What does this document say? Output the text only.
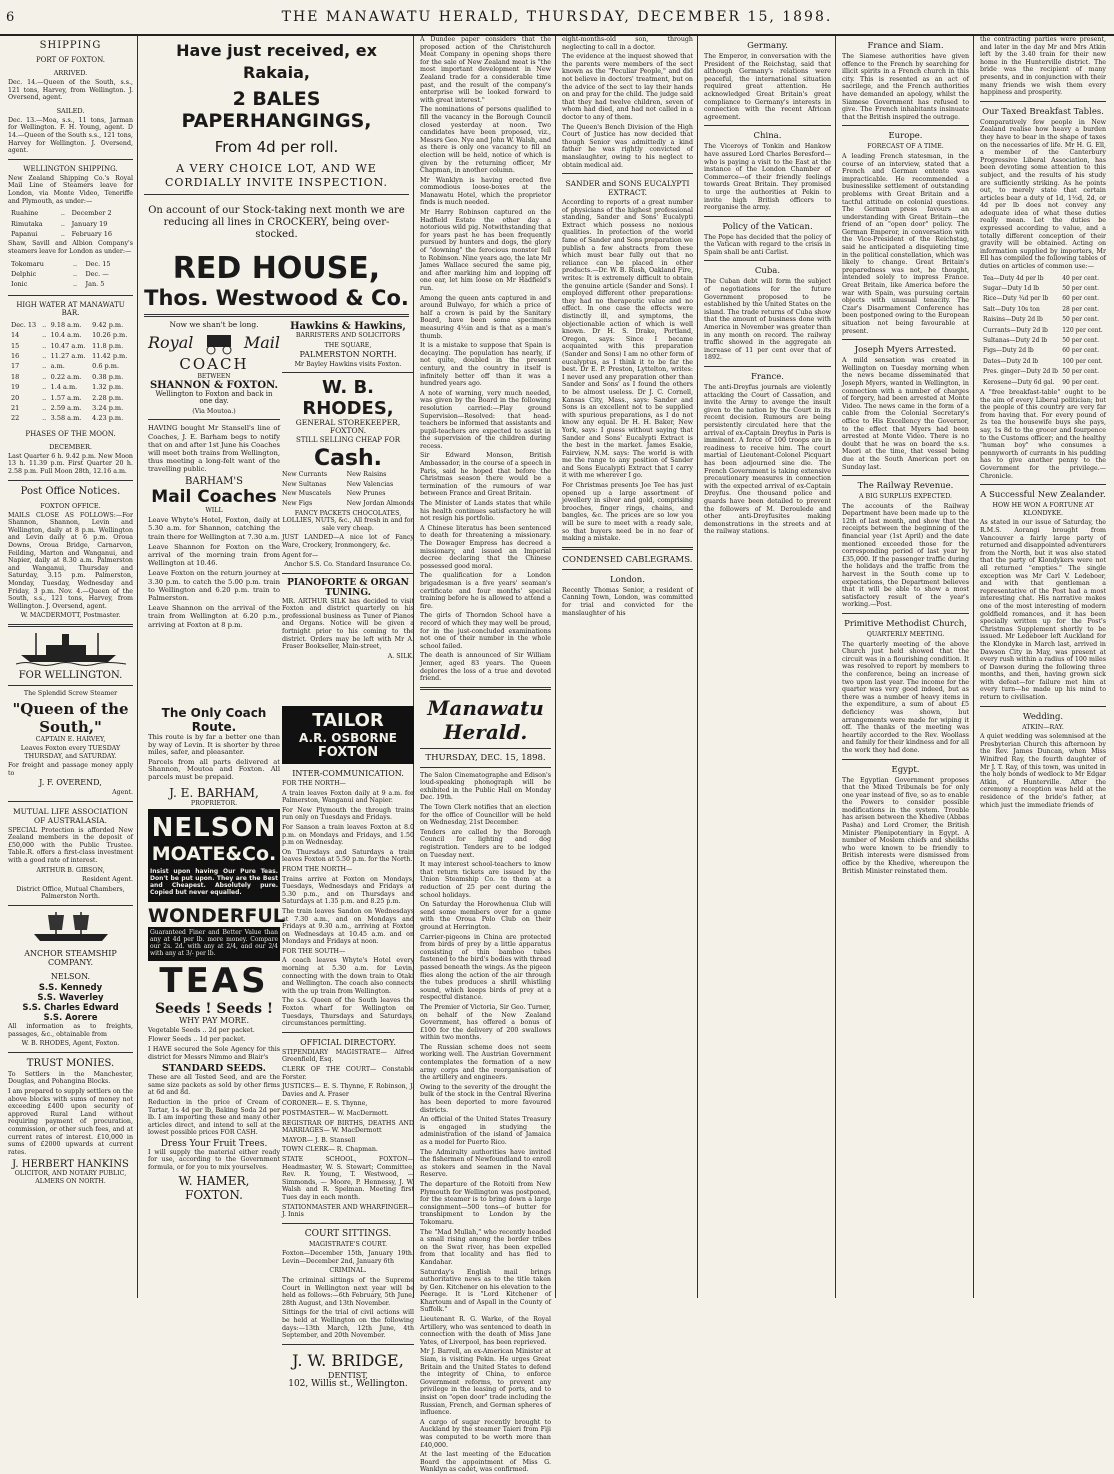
6	THE MANAWATU HERALD, THURSDAY, DECEMBER 15, 1898.
SHIPPING
PORT OF FOXTON.
ARRIVED.

Dec. 14.—Queen of the South, s.s., 121 tons, Harvey, from Wellington. J. Oversend, agent.

SAILED.

Dec. 13.—Moa, s.s., 11 tons, Jarman for Wellington. F. H. Young, agent. D 14.—Queen of the South s.s., 121 tons, Harvey for Wellington. J. Oversend, agent.

WELLINGTON SHIPPING.

New Zealand Shipping Co.'s Royal Mail Line of Steamers leave for London, via Monte Video, Teneriffe and Plymouth, as under:—

Ruahine	..	December 2
Rimutaka	..	January 19
Papanui	..	February 16

Shaw, Savill and Albion Company's steamers leave for London as under:—

Tokomaru	..	Dec. 15
Delphic	..	Dec. —
Ionic	..	Jan. 5
HIGH WATER AT MANAWATU BAR.
Dec. 13	..	9.18 a.m.	9.42 p.m.
14	..	10.4 a.m.	10.26 p.m.
15	..	10.47 a.m.	11.8 p.m.
16	..	11.27 a.m.	11.42 p.m.
17	..	a.m.	0.6 p.m.
18	..	0.22 a.m.	0.38 p.m.
19	..	1.4 a.m.	1.32 p.m.
20	..	1.57 a.m.	2.28 p.m.
21	..	2.59 a.m.	3.24 p.m.
22	..	3.58 a.m.	4.23 p.m.
PHASES OF THE MOON.
DECEMBER.

Last Quarter 6 h. 9.42 p.m. New Moon 13 h. 11.39 p.m. First Quarter 20 h. 2.58 p.m. Full Moon 28th, 12.16 a.m.

Post Office Notices.
FOXTON OFFICE.

MAILS CLOSE AS FOLLOWS:—For Shannon, Shannon, Levin and Wellington, daily at 8 p.m. Wellington and Levin daily at 6 p.m. Oroua Downs, Oroua Bridge, Carnarvon, Feilding, Marton and Wanganui, and Napier, daily at 8.30 a.m. Palmerston and Wanganui, Thursday and Saturday, 3.15 p.m. Palmerston, Monday, Tuesday, Wednesday and Friday, 3 p.m. Nov. 4.—Queen of the South, s.s., 121 tons, Harvey, from Wellington. J. Oversend, agent.

W. MACDERMOTT, Postmaster.

FOR WELLINGTON.

The Splendid Screw Steamer

"Queen of the South,"

CAPTAIN E. HARVEY,

Leaves Foxton every TUESDAY THURSDAY, and SATURDAY.

For freight and passage money apply to

J. F. OVEREND,

Agent.

MUTUAL LIFE ASSOCIATION OF AUSTRALASIA.

SPECIAL Protection is afforded New Zealand members in the deposit of £50,000 with the Public Trustee. Table.R. offers a first-class investment with a good rate of interest.

ARTHUR B. GIBSON,

Resident Agent.

District Office, Mutual Chambers, Palmerston North.

ANCHOR STEAMSHIP COMPANY.
NELSON.
S.S. Kennedy
S.S. Waverley
S.S. Charles Edward
S.S. Aorere

All information as to freights, passages, &c., obtainable from

W. B. RHODES, Agent, Foxton.

TRUST MONIES.

To Settlers in the Manchester, Douglas, and Pohangina Blocks.

I am prepared to supply settlers on the above blocks with sums of money not exceeding £400 upon security of approved Rural Land without requiring payment of procuration, commission, or other such fees, and at current rates of interest. £10,000 in sums of £2000 upwards at current rates.

J. HERBERT HANKINS

OLICITOR, AND NOTARY PUBLIC, ALMERS ON NORTH.

Have just received, ex Rakaia,
2 BALES PAPERHANGINGS,
From 4d per roll.
A VERY CHOICE LOT, AND WE CORDIALLY INVITE INSPECTION.

On account of our Stock-taking next month we are reducing all lines in CROCKERY, being over-stocked.

RED HOUSE,
Thos. Westwood & Co.

Now we shan't be long.

Royal	Mail
COACH
BETWEEN
SHANNON & FOXTON.

Wellington to Foxton and back in one day.

(Via Moutoa.)

HAVING bought Mr Stansell's line of Coaches, J. E. Barham begs to notify that on and after 1st June his Coaches will meet both trains from Wellington, thus meeting a long-felt want of the travelling public.

BARHAM'S
Mail Coaches

WILL

Leave Whyte's Hotel, Foxton, daily at 5.30 a.m. for Shannon, catching the train there for Wellington at 7.30 a.m.

Leave Shannon for Foxton on the arrival of the morning train from Wellington at 10.46.

Leave Foxton on the return journey at 3.30 p.m. to catch the 5.00 p.m. train to Wellington and 6.20 p.m. train to Palmerston.

Leave Shannon on the arrival of the train from Wellington at 6.20 p.m., arriving at Foxton at 8 p.m.

Hawkins & Hawkins,

BARRISTERS AND SOLICITORS

THE SQUARE,

PALMERSTON NORTH.

Mr Bayley Hawkins visits Foxton.

W. B. RHODES,

GENERAL STOREKEEPER, FOXTON.

STILL SELLING CHEAP FOR

Cash.
New Currants
New Sultanas
New Muscatels
New Figs
New Raisins
New Valencias
New Prunes
New Jordan Almonds

FANCY PACKETS CHOCOLATES, LOLLIES, NUTS, &c., All fresh in and for sale very cheap.

JUST LANDED—A nice lot of Fancy Ware, Crockery, Ironmongery, &c.

Agent for—

Anchor S.S. Co. Standard Insurance Co.

PIANOFORTE & ORGAN TUNING.

MR. ARTHUR SILK has decided to visit Foxton and district quarterly on his professional business as Tuner of Pianos and Organs. Notice will be given a fortnight prior to his coming to the district. Orders may be left with Mr A. Fraser Bookseller, Main-street,

A. SILK.

The Only Coach Route.

This route is by far a better one than by way of Levin. It is shorter by three miles, safer, and pleasanter.

Parcels from all parts delivered at Shannon, Moutoa and Foxton. All parcels must be prepaid.

J. E. BARHAM,

PROPRIETOR.

NELSON
MOATE&Co.

Insist upon having Our Pure Teas. Don't be put upon. They are the Best and Cheapest. Absolutely pure. Copied but never equalled.

WONDERFUL

Guaranteed Finer and Better Value than any at 4d per lb. more money. Compare our 2s. 2d. with any at 2/4, and our 2/4 with any at 3/- per lb.

TEAS
Seeds ! Seeds !

WHY PAY MORE.

Vegetable Seeds .. 2d per packet.

Flower Seeds .. 1d per packet.

I HAVE secured the Sole Agency for this district for Messrs Nimmo and Blair's

STANDARD SEEDS.

These are all Tested Seed, and are the same size packets as sold by other firms at 6d and 8d.

Reduction in the price of Cream of Tartar, 1s 4d per lb, Baking Soda 2d per lb. I am importing these and many other articles direct, and intend to sell at the lowest possible prices FOR CASH.

Dress Your Fruit Trees.

I will supply the material either ready for use, according to the Government formula, or for you to mix yourselves.

W. HAMER,
FOXTON.
TAILOR
A.R. OSBORNE
FOXTON
INTER-COMMUNICATION.

FOR THE NORTH—

A train leaves Foxton daily at 9 a.m. for Palmerston, Wanganui and Napier.

For New Plymouth the through trains run only on Tuesdays and Fridays.

For Sanson a train leaves Foxton at 8.0 p.m. on Mondays and Fridays, and 1.50 p.m on Wednesday.

On Thursdays and Saturdays a train leaves Foxton at 5.50 p.m. for the North.

FROM THE NORTH—

Trains arrive at Foxton on Mondays, Tuesdays, Wednesdays and Fridays at 5.30 p.m., and on Thursdays and Saturdays at 1.35 p.m. and 8.25 p.m.

The train leaves Sandon on Wednesdays at 7.30 a.m., and on Mondays and Fridays at 9.30 a.m., arriving at Foxton on Wednesdays at 10.45 a.m. and on Mondays and Fridays at noon.

FOR THE SOUTH—

A coach leaves Whyte's Hotel every morning at 5.30 a.m. for Levin, connecting with the down train to Otaki and Wellington. The coach also connects with the up train from Wellington.

The s.s. Queen of the South leaves the Foxton wharf for Wellington on Tuesdays, Thursdays and Saturdays, circumstances permitting.

OFFICIAL DIRECTORY.

STIPENDIARY MAGISTRATE— Alfred Greenfield, Esq.

CLERK OF THE COURT— Constable Forster.

JUSTICES— E. S. Thynne, F. Robinson, J. Davies and A. Fraser

CORONER— E. S. Thynne,

POSTMASTER— W. MacDermott.

REGISTRAR OF BIRTHS, DEATHS AND MARRIAGES— W. MacDermott

MAYOR— J. B. Stansell

TOWN CLERK— R. Chapman.

STATE SCHOOL, FOXTON— Headmaster, W. S. Stewart; Committee, Rev. R. Young, T. Westwood, — Simmonds, — Moore, P. Hennessy, J. W. Walsh and R. Spelman. Meeting first Tues day in each month.

STATIONMASTER AND WHARFINGER— J. Innis

COURT SITTINGS.

MAGISTRATE'S COURT.

Foxton—December 15th, January 19th. Levin—December 2nd, January 6th

CRIMINAL.

The criminal sittings of the Supreme Court in Wellington next year will be held as follows:—6th February, 5th June, 28th August, and 13th November.

Sittings for the trial of civil actions will be held at Wellington on the following days:—13th March, 12th June, 4th September, and 20th November.

J. W. BRIDGE,

DENTIST,

102, Willis st., Wellington.

A Dundee paper considers that the proposed action of the Christchurch Meat Company in opening shops there for the sale of New Zealand meat is "the most important development in New Zealand trade for a considerable time past, and the result of the company's enterprise will be looked forward to with great interest."

The nominations of persons qualified to fill the vacancy in the Borough Council closed yesterday at noon. Two candidates have been proposed, viz., Messrs Geo. Nye and John W. Walsh, and as there is only one vacancy to fill an election will be held, notice of which is given by the returning officer, Mr Chapman, in another column.

Mr Wanklyn is having erected five commodious loose-boxes at the Manawatu Hotel, which the proprietor finds is much needed.

Mr Harry Robinson captured on the Hadfield Estate the other day a notorious wild pig. Notwithstanding that for years past he has been frequently pursued by hunters and dogs, the glory of "downing" the ferocious monster fell to Robinson. Nine years ago, the late Mr James Wallace secured the same pig, and after marking him and lopping off one ear, let him loose on Mr Hadfield's run.

Among the queen ants captured in and around Bulwayo, for which a price of half a crown is paid by the Sanitary Board, have been some specimens measuring 4½in and is that as a man's thumb.

It is a mistake to suppose that Spain is decaying. The population has nearly, if not quite, doubled in the present century, and the country in itself is infinitely better off than it was a hundred years ago.

A note of warning, very much needed, was given by the Board in the following resolution carried:—Play ground Supervision—Resolved: that head-teachers be informed that assistants and pupil-teachers are expected to assist in the supervision of the children during recess.

Sir Edward Monson, British Ambassador, in the course of a speech in Paris, said he hoped that before the Christmas season there would be a termination of the rumours of war between France and Great Britain.

The Minister of Lands states that while his health continues satisfactory he will not resign his portfolio.

A Chinese literatus has been sentenced to death for threatening a missionary. The Dowager Empress has decreed a missionary, and issued an Imperial decree declaring that the Chinese possessed good moral.

The qualification for a London brigadesman is a five years' seaman's certificate and four months' special training before he is allowed to attend a fire.

The girls of Thorndon School have a record of which they may well be proud, for in the just-concluded examinations not one of their number in the whole school failed.

The death is announced of Sir William Jenner, aged 83 years. The Queen deplores the loss of a true and devoted friend.

Manawatu Herald.
THURSDAY, DEC. 15, 1898.

The Salon Cinematographe and Edison's loud-speaking phonograph will be exhibited in the Public Hall on Monday Dec. 19th.

The Town Clerk notifies that an election for the office of Councillor will be held on Wednesday, 21st December.

Tenders are called by the Borough Council for lighting and dog registration. Tenders are to be lodged on Tuesday next.

It may interest school-teachers to know that return tickets are issued by the Union Steamship Co. to them at a reduction of 25 per cent during the school holidays.

On Saturday the Horowhenua Club will send some members over for a game with the Oroua Polo Club on their ground at Herrington.

Carrier-pigeons in China are protected from birds of prey by a little apparatus consisting of thin bamboo tubes fastened to the bird's bodies with thread passed beneath the wings. As the pigeon flies along the action of the air through the tubes produces a shrill whistling sound, which keeps birds of prey at a respectful distance.

The Premier of Victoria, Sir Geo. Turner, on behalf of the New Zealand Government, has offered a bonus of £100 for the delivery of 200 swallows within two months.

The Russian scheme does not seem working well. The Austrian Government contemplates the formation of a new army corps and the reorganisation of the artillery and engineers.

Owing to the severity of the drought the bulk of the stock in the Central Riverina has been deported to more favoured districts.

An official of the United States Treasury is engaged in studying the administration of the island of Jamaica as a model for Puerto Rico.

The Admiralty authorities have invited the fishermen of Newfoundland to enroll as stokers and seamen in the Naval Reserve.

The departure of the Rotoiti from New Plymouth for Wellington was postponed, for the steamer is to bring down a large consignment—500 tons—of butter for transhipment to London by the Tokomaru.

The "Mad Mullah," who recently headed a small rising among the border tribes on the Swat river, has been expelled from that locality and has fled to Kandahar.

Saturday's English mail brings authoritative news as to the title taken by Gen. Kitchener on his elevation to the Peerage. It is "Lord Kitchener of Khartoum and of Aspall in the County of Suffolk."

Lieutenant R. G. Warke, of the Royal Artillery, who was sentenced to death in connection with the death of Miss Jane Yates, of Liverpool, has been reprieved.

Mr J. Barrell, an ex-American Minister at Siam, is visiting Pekin. He urges Great Britain and the United States to defend the integrity of China, to enforce Government reforms, to prevent any privilege in the leasing of ports, and to insist on "open door" trade including the Russian, French, and German spheres of influence.

A cargo of sugar recently brought to Auckland by the steamer Taieri from Fiji was computed to be worth more than £40,000.

At the last meeting of the Education Board the appointment of Miss G. Wanklyn as cadet, was confirmed.

eight-months-old son, through neglecting to call in a doctor.

The evidence at the inquest showed that the parents were members of the sect known as the "Peculiar People," and did not believe in doctors' treatment, but on the advice of the sect to lay their hands on and pray for the child. The judge said that they had twelve children, seven of whom had died, and had not called in a doctor to any of them.

The Queen's Bench Division of the High Court of Justice has now decided that though Senior was admittedly a kind father he was rightly convicted of manslaughter, owing to his neglect to obtain medical aid.

SANDER and SONS EUCALYPTI EXTRACT.

According to reports of a great number of physicians of the highest professional standing, Sander and Sons' Eucalypti Extract which possess no noxious qualities. In protection of the world fame of Sander and Sons preparation we publish a few abstracts from these which must bear fully out that no reliance can be placed in other products.—Dr. W. B. Rush, Oakland Fire, writes: It is extremely difficult to obtain the genuine article (Sander and Sons). I employed different other preparations: they had no therapeutic value and no effect. In one case the effects were distinctly ill, and symptoms, the objectionable action of which is well known. Dr H. S. Drake, Portland, Oregon, says: Since I became acquainted with this preparation (Sander and Sons) I am no other form of eucalyptus, as I think it to be far the best. Dr E. P. Preston, Lyttelton, writes: I never used any preparation other than Sander and Sons' as I found the others to be almost useless. Dr J. C. Cornell, Kansas City, Mass., says: Sander and Sons is an excellent not to be supplied with spurious preparations, as I do not know any equal. Dr H. H. Baker, New York, says: I guess without saying that Sander and Sons' Eucalypti Extract is the best in the market. James Esakie, Fairview, N.M. says: The world is with me the range to any position of Sander and Sons Eucalypti Extract that I carry it with me wherever I go.

For Christmas presents Joe Tee has just opened up a large assortment of jewellery in silver and gold, comprising brooches, finger rings, chains, and bangles, &c. The prices are so low you will be sure to meet with a ready sale, so that buyers need be in no fear of making a mistake.

CONDENSED CABLEGRAMS.
London.

Recently Thomas Senior, a resident of Canning Town, London, was committed for trial and convicted for the manslaughter of his

Germany.

The Emperor, in conversation with the President of the Reichstag, said that although Germany's relations were peaceful, the international situation required great attention. He acknowledged Great Britain's great compliance to Germany's interests in connection with the recent African agreement.

China.

The Viceroys of Tonkin and Hankow have assured Lord Charles Beresford—who is paying a visit to the East at the instance of the London Chamber of Commerce—of their friendly feelings towards Great Britain. They promised to urge the authorities at Pekin to invite high British officers to reorganise the army.

Policy of the Vatican.

The Pope has decided that the policy of the Vatican with regard to the crisis in Spain shall be anti Carlist.

Cuba.

The Cuban debt will form the subject of negotiations for the future Government proposed to be established by the United States on the island. The trade returns of Cuba show that the amount of business done with America in November was greater than in any month on record. The railway traffic showed in the aggregate an increase of 11 per cent over that of 1892.

France.

The anti-Dreyfus journals are violently attacking the Court of Cassation, and invite the Army to avenge the insult given to the nation by the Court in its recent decision. Rumours are being persistently circulated here that the arrival of ex-Captain Dreyfus in Paris is imminent. A force of 100 troops are in readiness to receive him. The court martial of Lieutenant-Colonel Picquart has been adjourned sine die. The French Government is taking extensive precautionary measures in connection with the expected arrival of ex-Captain Dreyfus. One thousand police and guards have been detailed to prevent the followers of M. Deroulede and other anti-Dreyfusites making demonstrations in the streets and at the railway stations.

France and Siam.

The Siamese authorities have given offence to the French by searching for illicit spirits in a French church in this city. This is resented as an act of sacrilege, and the French authorities have demanded an apology, whilst the Siamese Government has refused to give. The French inhabitants insinuate that the British inspired the outrage.

Europe.

FORECAST OF A TIME.

A leading French statesman, in the course of an interview, stated that a French and German entente was impracticable. He recommended a businesslike settlement of outstanding problems with Great Britain and a tactful attitude on colonial questions. The German press favours an understanding with Great Britain—the friend of an "open door" policy. The German Emperor, in conversation with the Vice-President of the Reichstag, said he anticipated a disquieting time in the political constellation, which was likely to change. Great Britain's preparedness was not, he thought, intended solely to impress France. Great Britain, like America before the war with Spain, was pursuing certain objects with unusual tenacity. The Czar's Disarmament Conference has been postponed owing to the European situation not being favourable at present.

Joseph Myers Arrested.

A mild sensation was created in Wellington on Tuesday morning when the news became disseminated that Joseph Myers, wanted in Wellington, in connection with a number of charges of forgery, had been arrested at Monte Video. The news came in the form of a cable from the Colonial Secretary's office to His Excellency the Governor, to the effect that Myers had been arrested at Monte Video. There is no doubt that he was on board the s.s. Maori at the time, that vessel being due at the South American port on Sunday last.

The Railway Revenue.

A BIG SURPLUS EXPECTED.

The accounts of the Railway Department have been made up to the 12th of last month, and show that the receipts between the beginning of the financial year (1st April) and the date mentioned exceeded those for the corresponding period of last year by £35,000. If the passenger traffic during the holidays and the traffic from the harvest in the South come up to expectations, the Department believes that it will be able to show a most satisfactory result of the year's working.—Post.

Primitive Methodist Church,

QUARTERLY MEETING.

The quarterly meeting of the above Church just held showed that the circuit was in a flourishing condition. It was resolved to report by members to the conference, being an increase of two upon last year. The income for the quarter was very good indeed, but as there was a number of heavy items in the expenditure, a sum of about £5 deficiency was shown, but arrangements were made for wiping it off. The thanks of the meeting was heartily accorded to the Rev. Woollass and family for their kindness and for all the work they had done.

Egypt.

The Egyptian Government proposes that the Mixed Tribunals be for only one year instead of five, so as to enable the Powers to consider possible modifications in the system. Trouble has arisen between the Khedive (Abbas Pasha) and Lord Cromer, the British Minister Plenipotentiary in Egypt. A number of Moslem chiefs and sheikhs who were known to be friendly to British interests were dismissed from office by the Khedive, whereupon the British Minister reinstated them.

the contracting parties were present, and later in the day Mr and Mrs Atkin left by the 3.40 train for their new home in the Hunterville district. The bride was the recipient of many presents, and in conjunction with their many friends we wish them every happiness and prosperity.

Our Taxed Breakfast Tables.

Comparatively few people in New Zealand realise how heavy a burden they have to bear in the shape of taxes on the necessaries of life. Mr H. G. Ell, a member of the Canterbury Progressive Liberal Association, has been devoting some attention to this subject, and the results of his study are sufficiently striking. As he points out, to merely state that certain articles bear a duty of 1d, 1½d, 2d, or 4d per lb does not convey any adequate idea of what these duties really mean. Let the duties be expressed according to value, and a totally different conception of their gravity will be obtained. Acting on information supplied by importers, Mr Ell has compiled the following tables of duties on articles of common use:—

Tea—Duty 4d per lb	40 per cent.
Sugar—Duty 1d lb	50 per cent.
Rice—Duty ¾d per lb	60 per cent.
Salt—Duty 10s ton	28 per cent.
Raisins—Duty 2d lb	50 per cent.
Currants—Duty 2d lb	120 per cent.
Sultanas—Duty 2d lb	50 per cent.
Figs—Duty 2d lb	60 per cent.
Dates—Duty 2d lb	100 per cent.
Pres. ginger—Duty 2d lb	50 per cent.
Kerosene—Duty 6d gal.	90 per cent.

A "free breakfast-table" ought to be the aim of every Liberal politician; but the people of this country are very far from having that. For every pound of 2s tea the housewife buys she pays, say, 1s 8d to the grocer and fourpence to the Customs officer; and the healthy "human boy" who consumes a pennyworth of currants in his pudding has to give another penny to the Government for the privilege.—Chronicle.

A Successful New Zealander.

HOW HE WON A FORTUNE AT KLONDYKE.

As stated in our issue of Saturday, the R.M.S. Aorangi brought from Vancouver a fairly large party of returned and disappointed adventurers from the North, but it was also stated that the party of Klondykers were not all returned "empties." The single exception was Mr Carl V. Ledeboer, and with that gentleman a representative of the Post had a most interesting chat. His narrative makes one of the most interesting of modern goldfield romances, and it has been specially written up for the Post's Christmas Supplement shortly to be issued. Mr Ledeboer left Auckland for the Klondyke in March last, arrived in Dawson City in May, was present at every rush within a radius of 100 miles of Dawson during the following three months, and then, having grown sick with defeat—for failure met him at every turn—he made up his mind to return to civilisation.

Wedding.

ATKIN—RAY.

A quiet wedding was solemnised at the Presbyterian Church this afternoon by the Rev. James Duncan, when Miss Winifred Ray, the fourth daughter of Mr J. T. Ray, of this town, was united in the holy bonds of wedlock to Mr Edgar Atkin, of Hunterville. After the ceremony a reception was held at the residence of the bride's father, at which just the immediate friends of
